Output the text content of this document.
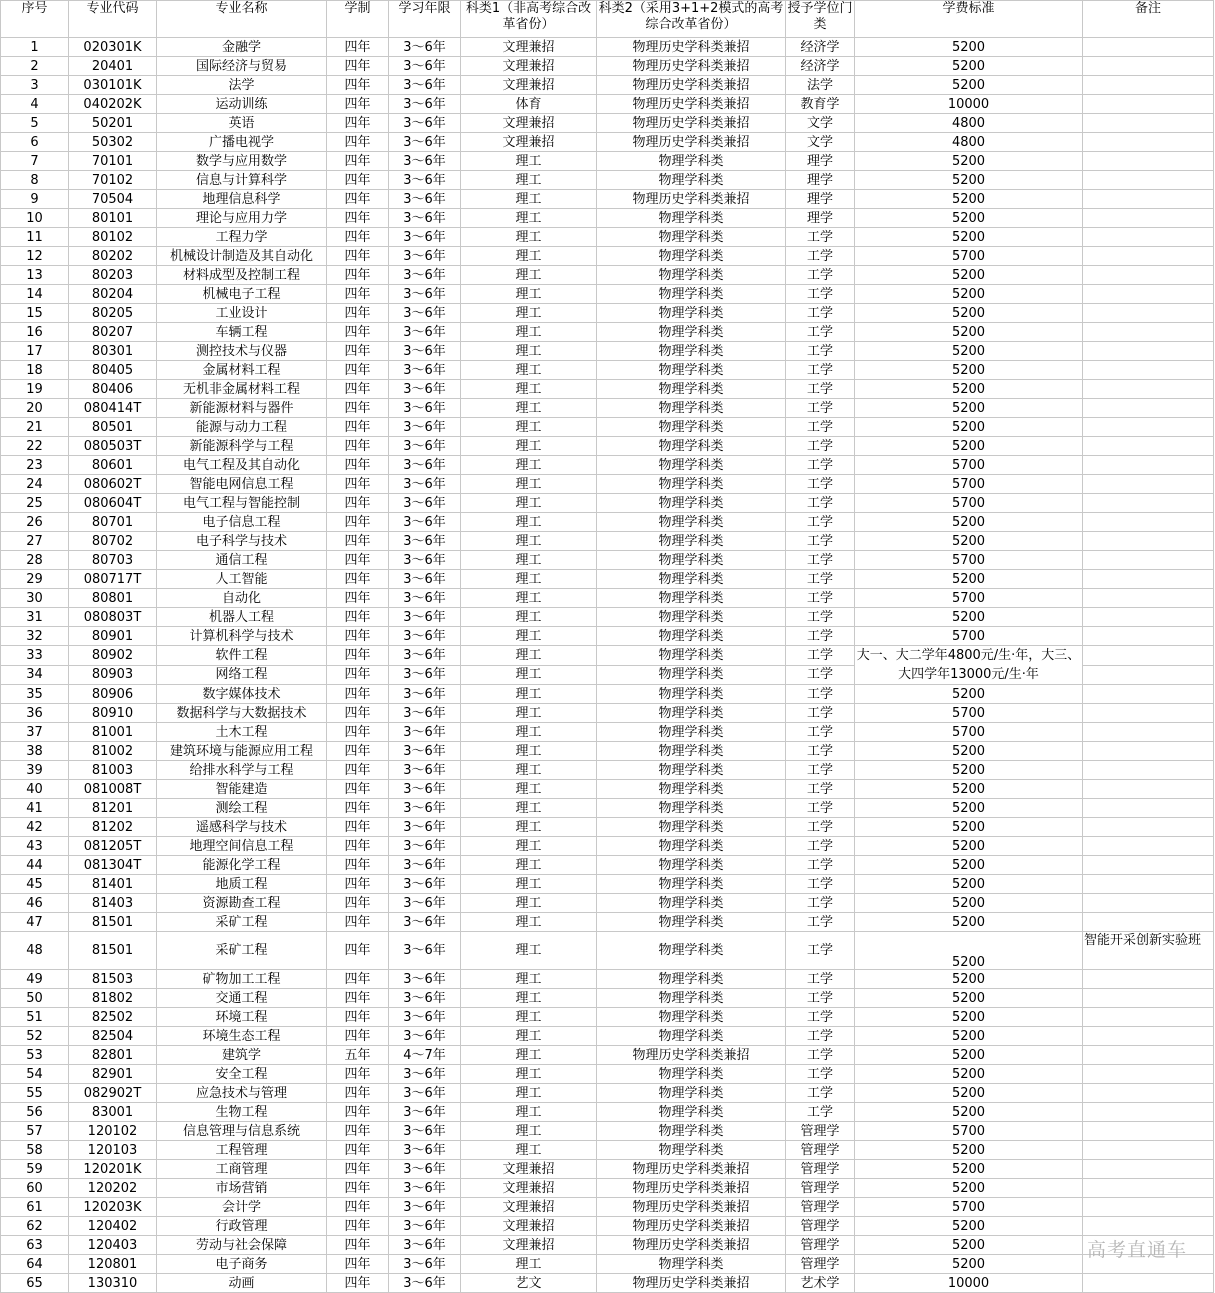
序号	专业代码	专业名称	学制	学习年限	科类1（非高考综合改革省份）	科类2（采用3+1+2模式的高考综合改革省份）	授予学位门类	学费标准	备注
1	020301K	金融学	四年	3～6年	文理兼招	物理历史学科类兼招	经济学	5200	
2	20401	国际经济与贸易	四年	3～6年	文理兼招	物理历史学科类兼招	经济学	5200	
3	030101K	法学	四年	3～6年	文理兼招	物理历史学科类兼招	法学	5200	
4	040202K	运动训练	四年	3～6年	体育	物理历史学科类兼招	教育学	10000	
5	50201	英语	四年	3～6年	文理兼招	物理历史学科类兼招	文学	4800	
6	50302	广播电视学	四年	3～6年	文理兼招	物理历史学科类兼招	文学	4800	
7	70101	数学与应用数学	四年	3～6年	理工	物理学科类	理学	5200	
8	70102	信息与计算科学	四年	3～6年	理工	物理学科类	理学	5200	
9	70504	地理信息科学	四年	3～6年	理工	物理历史学科类兼招	理学	5200	
10	80101	理论与应用力学	四年	3～6年	理工	物理学科类	理学	5200	
11	80102	工程力学	四年	3～6年	理工	物理学科类	工学	5200	
12	80202	机械设计制造及其自动化	四年	3～6年	理工	物理学科类	工学	5700	
13	80203	材料成型及控制工程	四年	3～6年	理工	物理学科类	工学	5200	
14	80204	机械电子工程	四年	3～6年	理工	物理学科类	工学	5200	
15	80205	工业设计	四年	3～6年	理工	物理学科类	工学	5200	
16	80207	车辆工程	四年	3～6年	理工	物理学科类	工学	5200	
17	80301	测控技术与仪器	四年	3～6年	理工	物理学科类	工学	5200	
18	80405	金属材料工程	四年	3～6年	理工	物理学科类	工学	5200	
19	80406	无机非金属材料工程	四年	3～6年	理工	物理学科类	工学	5200	
20	080414T	新能源材料与器件	四年	3～6年	理工	物理学科类	工学	5200	
21	80501	能源与动力工程	四年	3～6年	理工	物理学科类	工学	5200	
22	080503T	新能源科学与工程	四年	3～6年	理工	物理学科类	工学	5200	
23	80601	电气工程及其自动化	四年	3～6年	理工	物理学科类	工学	5700	
24	080602T	智能电网信息工程	四年	3～6年	理工	物理学科类	工学	5700	
25	080604T	电气工程与智能控制	四年	3～6年	理工	物理学科类	工学	5700	
26	80701	电子信息工程	四年	3～6年	理工	物理学科类	工学	5200	
27	80702	电子科学与技术	四年	3～6年	理工	物理学科类	工学	5200	
28	80703	通信工程	四年	3～6年	理工	物理学科类	工学	5700	
29	080717T	人工智能	四年	3～6年	理工	物理学科类	工学	5200	
30	80801	自动化	四年	3～6年	理工	物理学科类	工学	5700	
31	080803T	机器人工程	四年	3～6年	理工	物理学科类	工学	5200	
32	80901	计算机科学与技术	四年	3～6年	理工	物理学科类	工学	5700	
33	80902	软件工程	四年	3～6年	理工	物理学科类	工学	大一、大二学年4800元/生·年，大三、大四学年13000元/生·年	
34	80903	网络工程	四年	3～6年	理工	物理学科类	工学		
35	80906	数字媒体技术	四年	3～6年	理工	物理学科类	工学	5200	
36	80910	数据科学与大数据技术	四年	3～6年	理工	物理学科类	工学	5700	
37	81001	土木工程	四年	3～6年	理工	物理学科类	工学	5700	
38	81002	建筑环境与能源应用工程	四年	3～6年	理工	物理学科类	工学	5200	
39	81003	给排水科学与工程	四年	3～6年	理工	物理学科类	工学	5200	
40	081008T	智能建造	四年	3～6年	理工	物理学科类	工学	5200	
41	81201	测绘工程	四年	3～6年	理工	物理学科类	工学	5200	
42	81202	遥感科学与技术	四年	3～6年	理工	物理学科类	工学	5200	
43	081205T	地理空间信息工程	四年	3～6年	理工	物理学科类	工学	5200	
44	081304T	能源化学工程	四年	3～6年	理工	物理学科类	工学	5200	
45	81401	地质工程	四年	3～6年	理工	物理学科类	工学	5200	
46	81403	资源勘查工程	四年	3～6年	理工	物理学科类	工学	5200	
47	81501	采矿工程	四年	3～6年	理工	物理学科类	工学	5200	
48	81501	采矿工程	四年	3～6年	理工	物理学科类	工学	5200	智能开采创新实验班
49	81503	矿物加工工程	四年	3～6年	理工	物理学科类	工学	5200	
50	81802	交通工程	四年	3～6年	理工	物理学科类	工学	5200	
51	82502	环境工程	四年	3～6年	理工	物理学科类	工学	5200	
52	82504	环境生态工程	四年	3～6年	理工	物理学科类	工学	5200	
53	82801	建筑学	五年	4～7年	理工	物理历史学科类兼招	工学	5200	
54	82901	安全工程	四年	3～6年	理工	物理学科类	工学	5200	
55	082902T	应急技术与管理	四年	3～6年	理工	物理学科类	工学	5200	
56	83001	生物工程	四年	3～6年	理工	物理学科类	工学	5200	
57	120102	信息管理与信息系统	四年	3～6年	理工	物理学科类	管理学	5700	
58	120103	工程管理	四年	3～6年	理工	物理学科类	管理学	5200	
59	120201K	工商管理	四年	3～6年	文理兼招	物理历史学科类兼招	管理学	5200	
60	120202	市场营销	四年	3～6年	文理兼招	物理历史学科类兼招	管理学	5200	
61	120203K	会计学	四年	3～6年	文理兼招	物理历史学科类兼招	管理学	5700	
62	120402	行政管理	四年	3～6年	文理兼招	物理历史学科类兼招	管理学	5200	
63	120403	劳动与社会保障	四年	3～6年	文理兼招	物理历史学科类兼招	管理学	5200	
64	120801	电子商务	四年	3～6年	理工	物理学科类	管理学	5200	
65	130310	动画	四年	3～6年	艺文	物理历史学科类兼招	艺术学	10000	
高考直通车
